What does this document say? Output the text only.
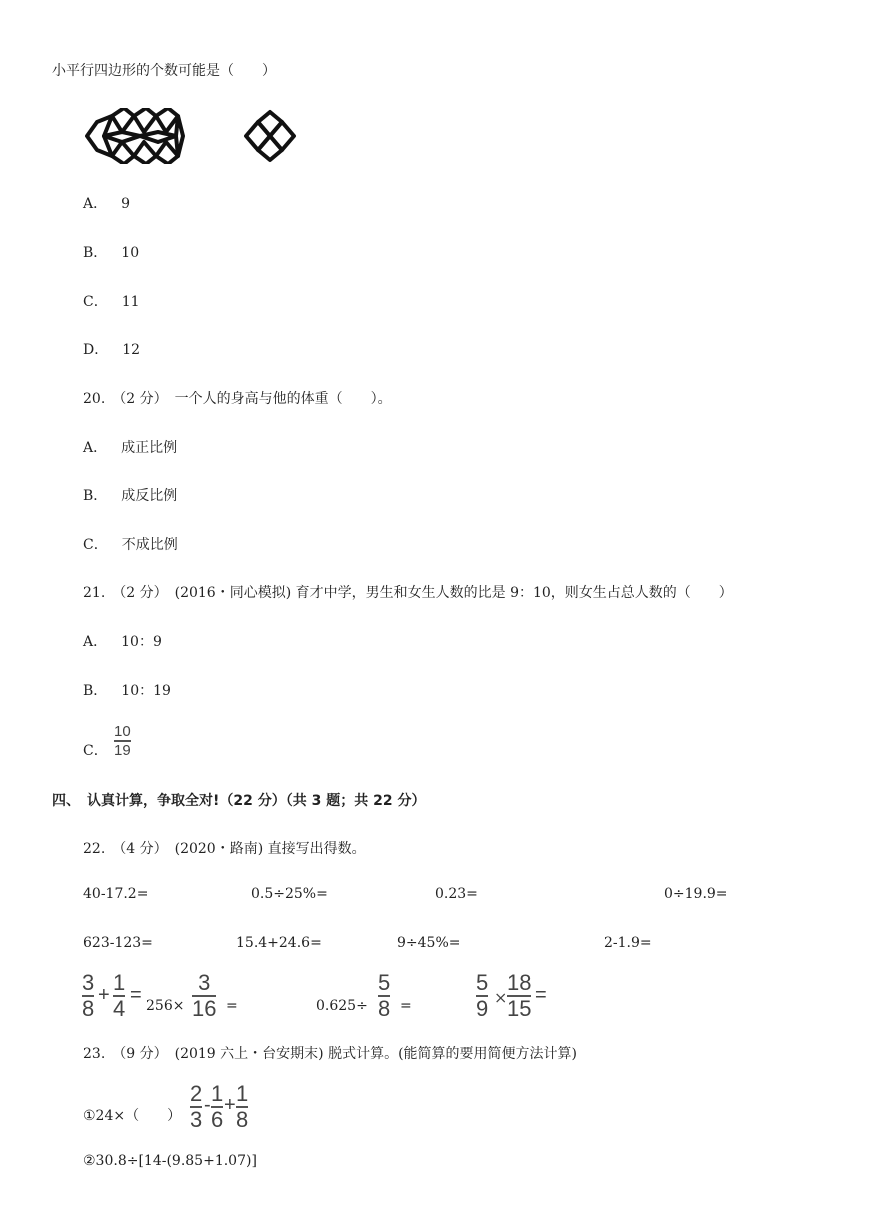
小平行四边形的个数可能是（　　）
A． 9
B． 10
C． 11
D． 12
20.　（2 分）　一个人的身高与他的体重（　　）。
A． 成正比例
B． 成反比例
C． 不成比例
21.　（2 分）　(2016・同心模拟) 育才中学，男生和女生人数的比是 9：10，则女生占总人数的（　　）
A． 10：9
B． 10：19
C．
10
19
四、　认真计算，争取全对!（22 分）（共 3 题；共 22 分）
22.　（4 分）　(2020・路南) 直接写出得数。
40-17.2=	0.5÷25%=	0.23=	0÷19.9=
623-123=	15.4+24.6=	9÷45%=	2-1.9=
3
8
+ 1
4
= 256×
3
16 =	0.625÷
5
8 =
5
9 ×
18
15
=
23.　（9 分）　(2019 六上・台安期末) 脱式计算。(能简算的要用简便方法计算)
①24×（　　）
2
3
- 1
6
+ 1
8
②30.8÷[14-(9.85+1.07)]
